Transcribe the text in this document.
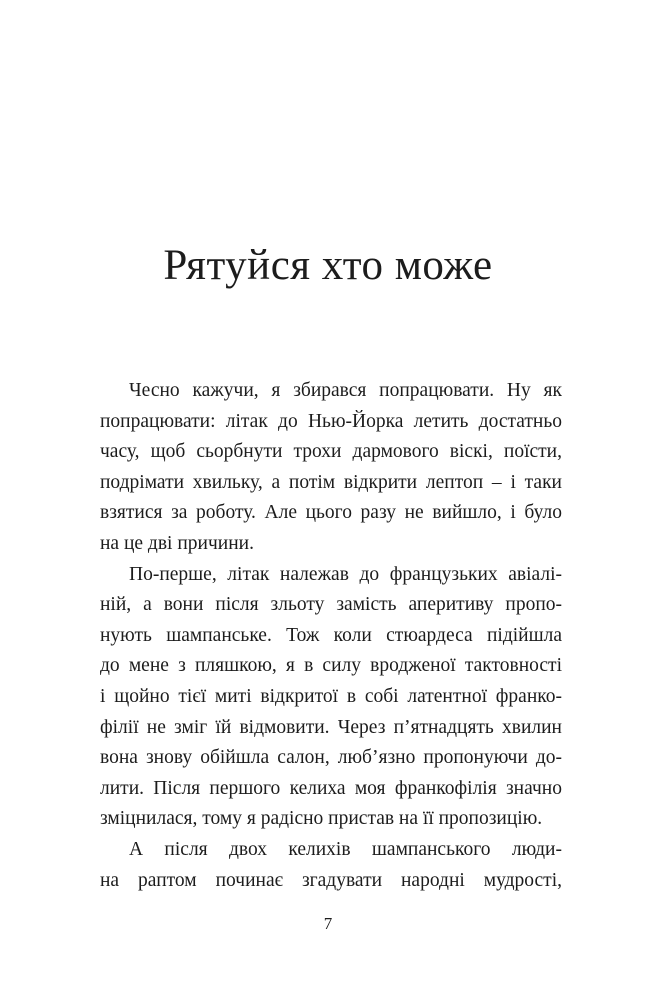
Рятуйся хто може
Чесно кажучи, я збирався попрацювати. Ну як
попрацювати: літак до Нью-Йорка летить достатньо
часу, щоб сьорбнути трохи дармового віскі, поїсти,
подрімати хвильку, а потім відкрити лептоп – і таки
взятися за роботу. Але цього разу не вийшло, і було
на це дві причини.
По-перше, літак належав до французьких авіалі-
ній, а вони після зльоту замість аперитиву пропо-
нують шампанське. Тож коли стюардеса підійшла
до мене з пляшкою, я в силу вродженої тактовності
і щойно тієї миті відкритої в собі латентної франко-
філії не зміг їй відмовити. Через п’ятнадцять хвилин
вона знову обійшла салон, люб’язно пропонуючи до-
лити. Після першого келиха моя франкофілія значно
зміцнилася, тому я радісно пристав на її пропозицію.
А після двох келихів шампанського люди-
на раптом починає згадувати народні мудрості,
7
